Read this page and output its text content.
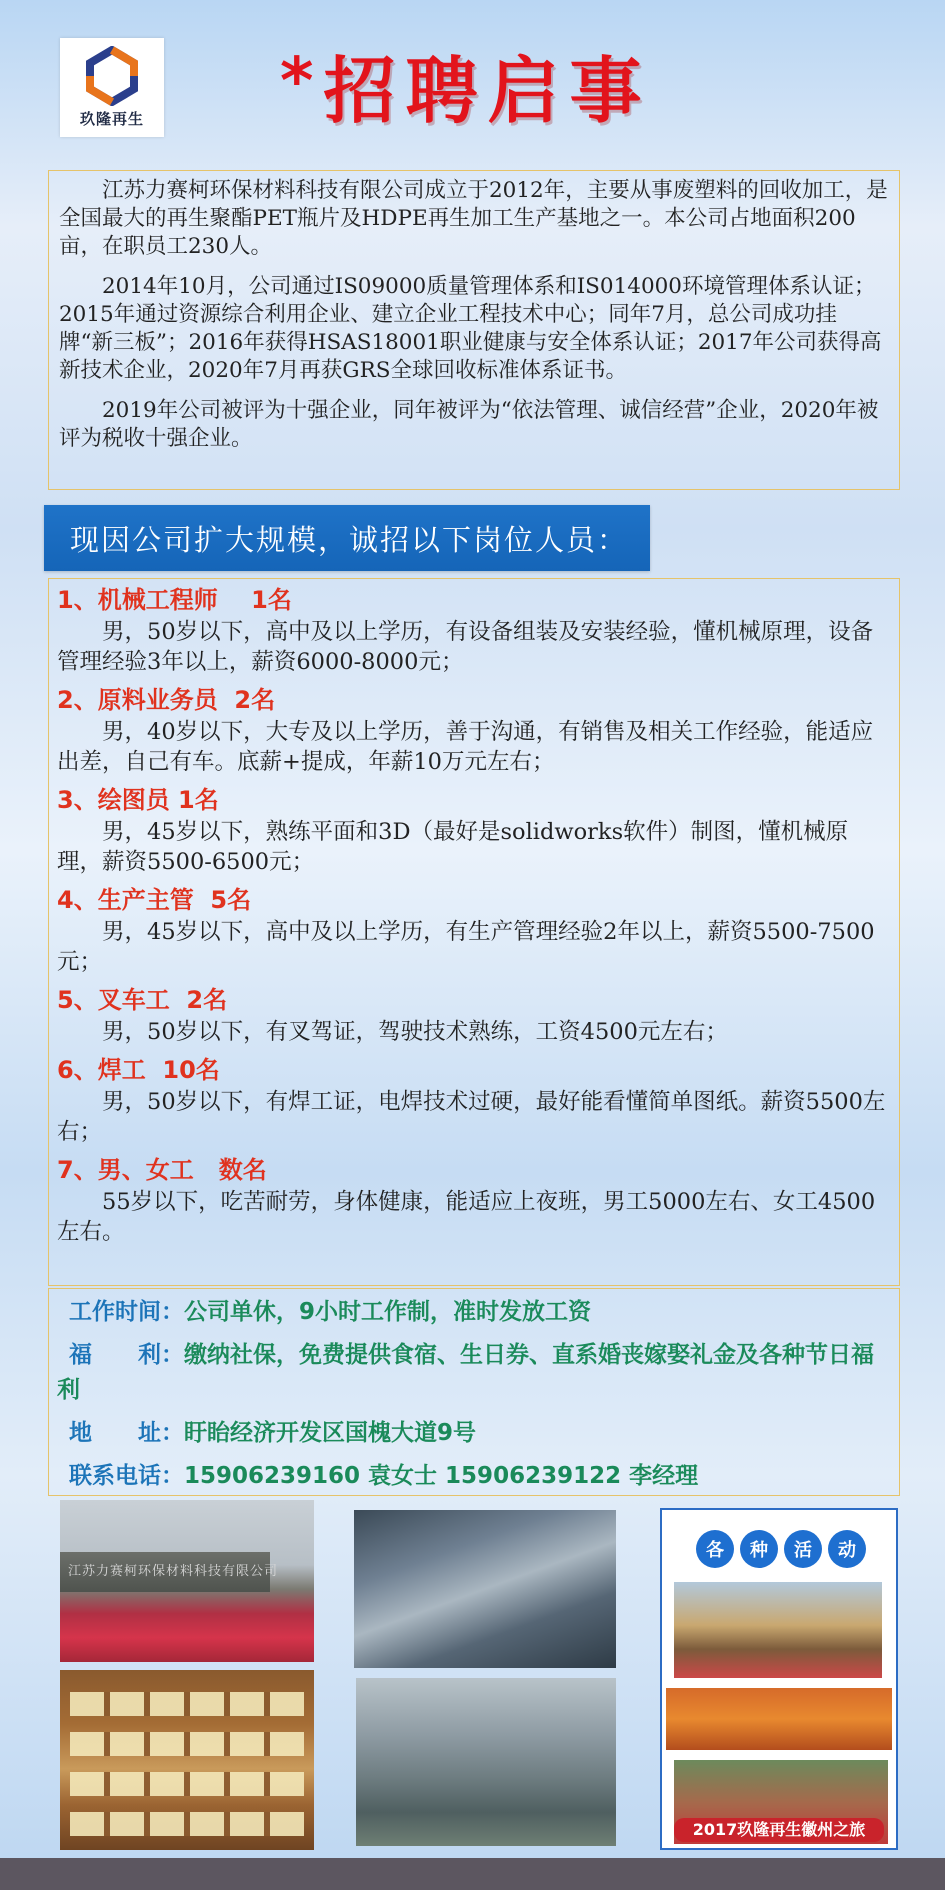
玖隆再生 * 招聘启事

江苏力赛柯环保材料科技有限公司成立于2012年，主要从事废塑料的回收加工，是全国最大的再生聚酯PET瓶片及HDPE再生加工生产基地之一。本公司占地面积200亩，在职员工230人。

2014年10月，公司通过IS09000质量管理体系和IS014000环境管理体系认证；2015年通过资源综合利用企业、建立企业工程技术中心；同年7月，总公司成功挂牌“新三板”；2016年获得HSAS18001职业健康与安全体系认证；2017年公司获得高新技术企业，2020年7月再获GRS全球回收标准体系证书。

2019年公司被评为十强企业，同年被评为“依法管理、诚信经营”企业，2020年被评为税收十强企业。

现因公司扩大规模，诚招以下岗位人员：
1、机械工程师    1名
男，50岁以下，高中及以上学历，有设备组装及安装经验，懂机械原理，设备管理经验3年以上，薪资6000-8000元；
2、原料业务员  2名
男，40岁以下，大专及以上学历，善于沟通，有销售及相关工作经验，能适应出差，自己有车。底薪+提成，年薪10万元左右；
3、绘图员 1名
男，45岁以下，熟练平面和3D（最好是solidworks软件）制图，懂机械原理，薪资5500-6500元；
4、生产主管  5名
男，45岁以下，高中及以上学历，有生产管理经验2年以上，薪资5500-7500元；
5、叉车工  2名
男，50岁以下，有叉驾证，驾驶技术熟练，工资4500元左右；
6、焊工  10名
男，50岁以下，有焊工证，电焊技术过硬，最好能看懂简单图纸。薪资5500左右；
7、男、女工   数名
55岁以下，吃苦耐劳，身体健康，能适应上夜班，男工5000左右、女工4500左右。
工作时间：公司单休，9小时工作制，准时发放工资
福　　利：缴纳社保，免费提供食宿、生日券、直系婚丧嫁娶礼金及各种节日福利
地　　址：盱眙经济开发区国槐大道9号
联系电话：15906239160 袁女士 15906239122 李经理
江苏力赛柯环保材料科技有限公司
各	种	活	动
2017玖隆再生徽州之旅
